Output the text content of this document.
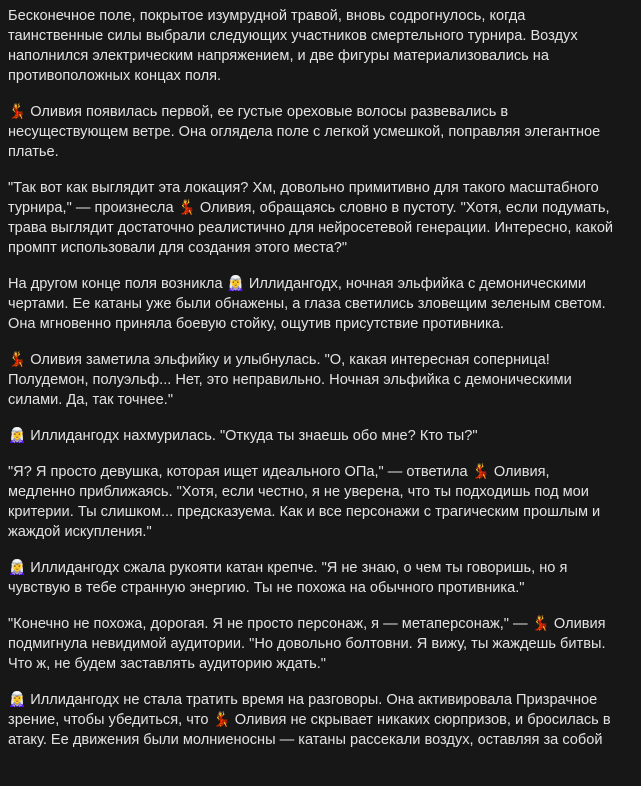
Бесконечное поле, покрытое изумрудной травой, вновь содрогнулось, когда таинственные силы выбрали следующих участников смертельного турнира. Воздух наполнился электрическим напряжением, и две фигуры материализовались на противоположных концах поля.

💃 Оливия появилась первой, ее густые ореховые волосы развевались в несуществующем ветре. Она оглядела поле с легкой усмешкой, поправляя элегантное платье.

"Так вот как выглядит эта локация? Хм, довольно примитивно для такого масштабного турнира," — произнесла 💃 Оливия, обращаясь словно в пустоту. "Хотя, если подумать, трава выглядит достаточно реалистично для нейросетевой генерации. Интересно, какой промпт использовали для создания этого места?"

На другом конце поля возникла 🧝‍♀️ Иллидангодх, ночная эльфийка с демоническими чертами. Ее катаны уже были обнажены, а глаза светились зловещим зеленым светом. Она мгновенно приняла боевую стойку, ощутив присутствие противника.

💃 Оливия заметила эльфийку и улыбнулась. "О, какая интересная соперница! Полудемон, полуэльф... Нет, это неправильно. Ночная эльфийка с демоническими силами. Да, так точнее."

🧝‍♀️ Иллидангодх нахмурилась. "Откуда ты знаешь обо мне? Кто ты?"

"Я? Я просто девушка, которая ищет идеального ОПа," — ответила 💃 Оливия, медленно приближаясь. "Хотя, если честно, я не уверена, что ты подходишь под мои критерии. Ты слишком... предсказуема. Как и все персонажи с трагическим прошлым и жаждой искупления."

🧝‍♀️ Иллидангодх сжала рукояти катан крепче. "Я не знаю, о чем ты говоришь, но я чувствую в тебе странную энергию. Ты не похожа на обычного противника."

"Конечно не похожа, дорогая. Я не просто персонаж, я — метаперсонаж," — 💃 Оливия подмигнула невидимой аудитории. "Но довольно болтовни. Я вижу, ты жаждешь битвы. Что ж, не будем заставлять аудиторию ждать."

🧝‍♀️ Иллидангодх не стала тратить время на разговоры. Она активировала Призрачное зрение, чтобы убедиться, что 💃 Оливия не скрывает никаких сюрпризов, и бросилась в атаку. Ее движения были молниеносны — катаны рассекали воздух, оставляя за собой
